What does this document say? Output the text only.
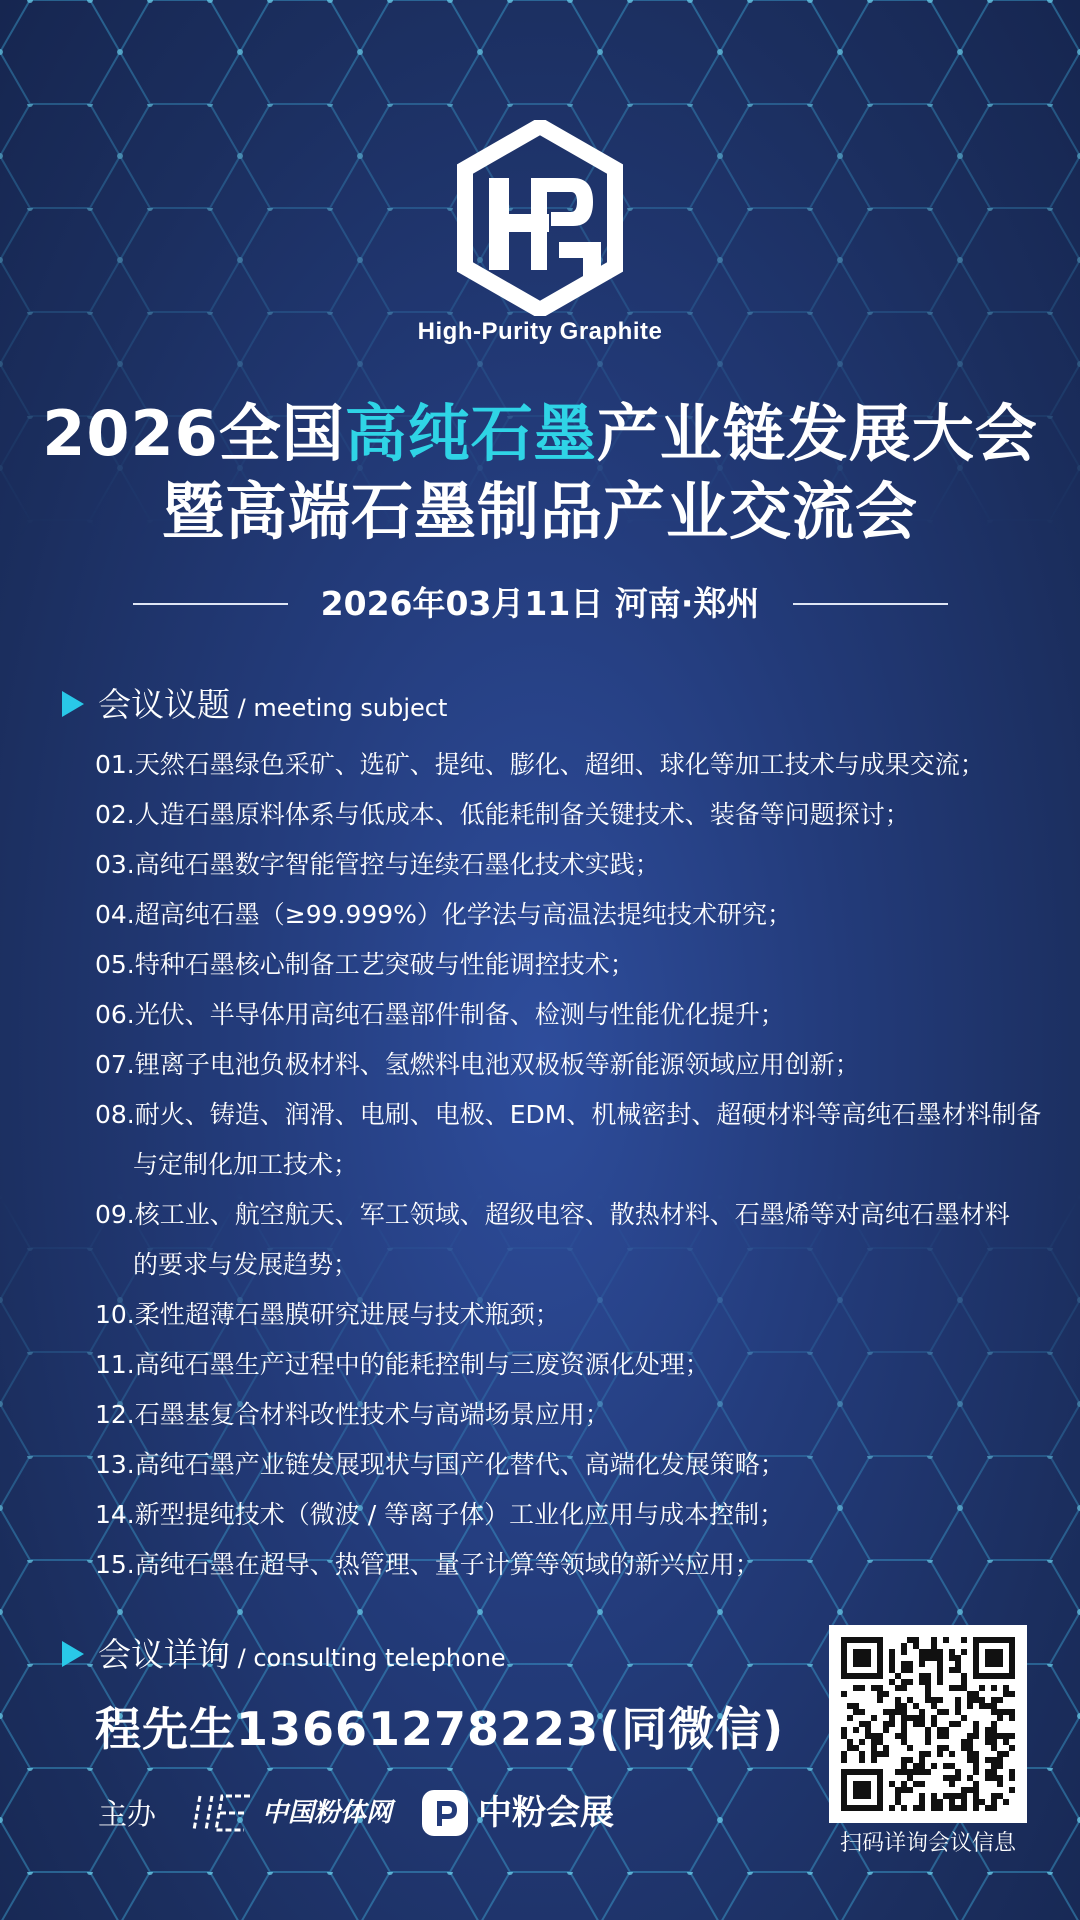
High-Purity Graphite
2026全国高纯石墨产业链发展大会
暨高端石墨制品产业交流会
2026年03月11日 河南·郑州
会议议题 / meeting subject
01.天然石墨绿色采矿、选矿、提纯、膨化、超细、球化等加工技术与成果交流；
02.人造石墨原料体系与低成本、低能耗制备关键技术、装备等问题探讨；
03.高纯石墨数字智能管控与连续石墨化技术实践；
04.超高纯石墨（≥99.999%）化学法与高温法提纯技术研究；
05.特种石墨核心制备工艺突破与性能调控技术；
06.光伏、半导体用高纯石墨部件制备、检测与性能优化提升；
07.锂离子电池负极材料、氢燃料电池双极板等新能源领域应用创新；
08.耐火、铸造、润滑、电刷、电极、EDM、机械密封、超硬材料等高纯石墨材料制备
与定制化加工技术；
09.核工业、航空航天、军工领域、超级电容、散热材料、石墨烯等对高纯石墨材料
的要求与发展趋势；
10.柔性超薄石墨膜研究进展与技术瓶颈；
11.高纯石墨生产过程中的能耗控制与三废资源化处理；
12.石墨基复合材料改性技术与高端场景应用；
13.高纯石墨产业链发展现状与国产化替代、高端化发展策略；
14.新型提纯技术（微波 / 等离子体）工业化应用与成本控制；
15.高纯石墨在超导、热管理、量子计算等领域的新兴应用；
会议详询 / consulting telephone
程先生13661278223(同微信)
主办	中国粉体网	中粉会展
扫码详询会议信息
